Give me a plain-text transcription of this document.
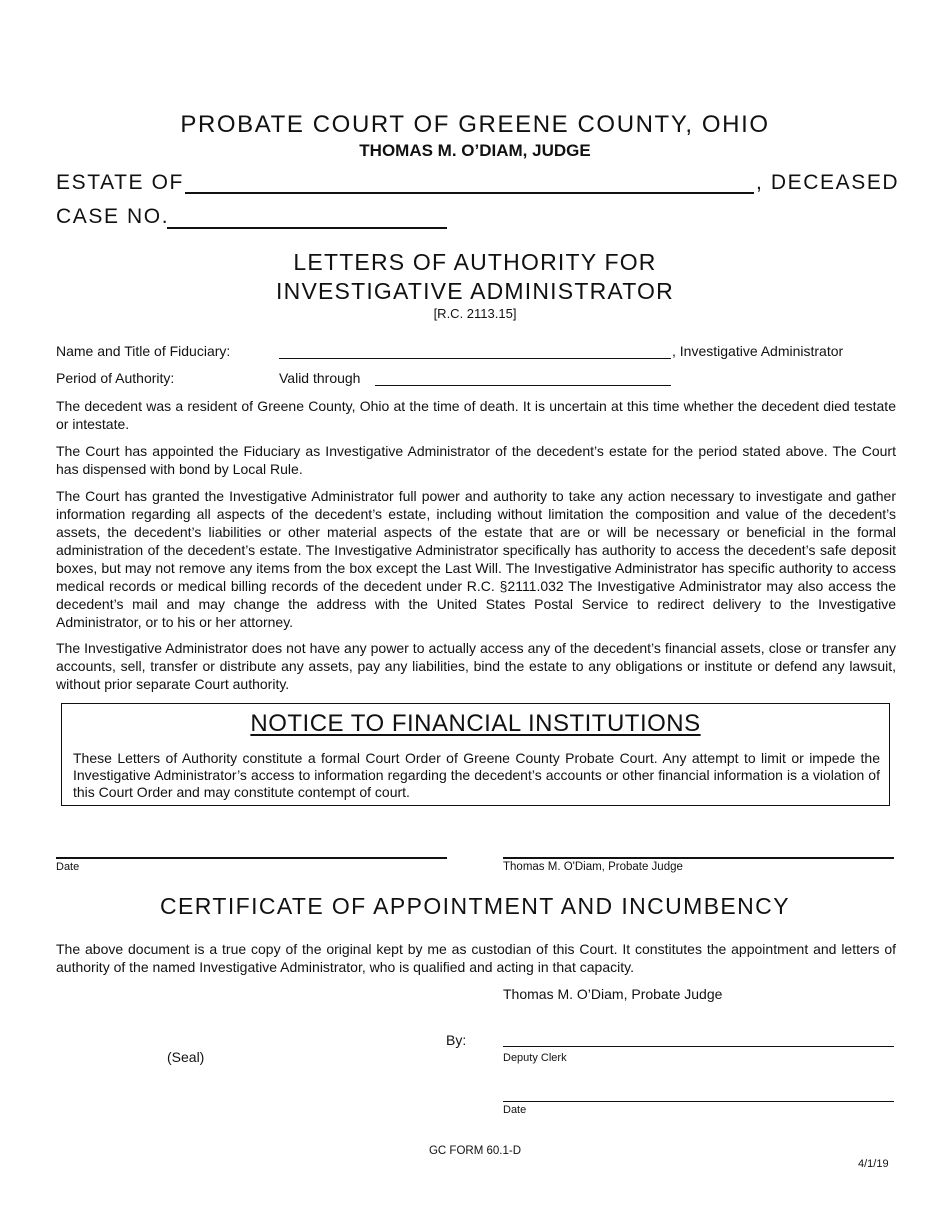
PROBATE COURT OF GREENE COUNTY, OHIO
THOMAS M. O’DIAM, JUDGE
ESTATE OF	, DECEASED
CASE NO.
LETTERS OF AUTHORITY FOR
INVESTIGATIVE ADMINISTRATOR
[R.C. 2113.15]
Name and Title of Fiduciary:	, Investigative Administrator
Period of Authority:	Valid through

The decedent was a resident of Greene County, Ohio at the time of death. It is uncertain at this time whether the decedent died testate or intestate.

The Court has appointed the Fiduciary as Investigative Administrator of the decedent’s estate for the period stated above. The Court has dispensed with bond by Local Rule.

The Court has granted the Investigative Administrator full power and authority to take any action necessary to investigate and gather information regarding all aspects of the decedent’s estate, including without limitation the composition and value of the decedent’s assets, the decedent’s liabilities or other material aspects of the estate that are or will be necessary or beneficial in the formal administration of the decedent’s estate. The Investigative Administrator specifically has authority to access the decedent’s safe deposit boxes, but may not remove any items from the box except the Last Will. The Investigative Administrator has specific authority to access medical records or medical billing records of the decedent under R.C. §2111.032 The Investigative Administrator may also access the decedent’s mail and may change the address with the United States Postal Service to redirect delivery to the Investigative Administrator, or to his or her attorney.

The Investigative Administrator does not have any power to actually access any of the decedent’s financial assets, close or transfer any accounts, sell, transfer or distribute any assets, pay any liabilities, bind the estate to any obligations or institute or defend any lawsuit, without prior separate Court authority.

NOTICE TO FINANCIAL INSTITUTIONS

These Letters of Authority constitute a formal Court Order of Greene County Probate Court. Any attempt to limit or impede the Investigative Administrator’s access to information regarding the decedent’s accounts or other financial information is a violation of this Court Order and may constitute contempt of court.

Date	Thomas M. O'Diam, Probate Judge
CERTIFICATE OF APPOINTMENT AND INCUMBENCY

The above document is a true copy of the original kept by me as custodian of this Court. It constitutes the appointment and letters of authority of the named Investigative Administrator, who is qualified and acting in that capacity.

Thomas M. O’Diam, Probate Judge
By:
Deputy Clerk
(Seal)
Date
GC FORM 60.1-D
4/1/19
